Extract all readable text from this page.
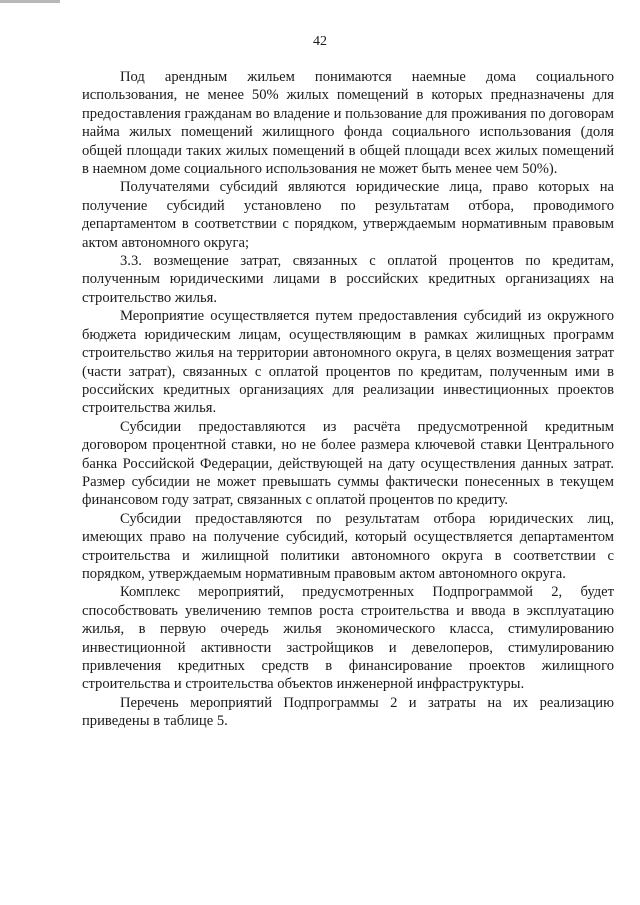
42

Под арендным жильем понимаются наемные дома социального использования, не менее 50% жилых помещений в которых предназначены для предоставления гражданам во владение и пользование для проживания по договорам найма жилых помещений жилищного фонда социального использования (доля общей площади таких жилых помещений в общей площади всех жилых помещений в наемном доме социального использования не может быть менее чем 50%).

Получателями субсидий являются юридические лица, право которых на получение субсидий установлено по результатам отбора, проводимого департаментом в соответствии с порядком, утверждаемым нормативным правовым актом автономного округа;

3.3. возмещение затрат, связанных с оплатой процентов по кредитам, полученным юридическими лицами в российских кредитных организациях на строительство жилья.

Мероприятие осуществляется путем предоставления субсидий из окружного бюджета юридическим лицам, осуществляющим в рамках жилищных программ строительство жилья на территории автономного округа, в целях возмещения затрат (части затрат), связанных с оплатой процентов по кредитам, полученным ими в российских кредитных организациях для реализации инвестиционных проектов строительства жилья.

Субсидии предоставляются из расчёта предусмотренной кредитным договором процентной ставки, но не более размера ключевой ставки Центрального банка Российской Федерации, действующей на дату осуществления данных затрат. Размер субсидии не может превышать суммы фактически понесенных в текущем финансовом году затрат, связанных с оплатой процентов по кредиту.

Субсидии предоставляются по результатам отбора юридических лиц, имеющих право на получение субсидий, который осуществляется департаментом строительства и жилищной политики автономного округа в соответствии с порядком, утверждаемым нормативным правовым актом автономного округа.

Комплекс мероприятий, предусмотренных Подпрограммой 2, будет способствовать увеличению темпов роста строительства и ввода в эксплуатацию жилья, в первую очередь жилья экономического класса, стимулированию инвестиционной активности застройщиков и девелоперов, стимулированию привлечения кредитных средств в финансирование проектов жилищного строительства и строительства объектов инженерной инфраструктуры.

Перечень мероприятий Подпрограммы 2 и затраты на их реализацию приведены в таблице 5.
